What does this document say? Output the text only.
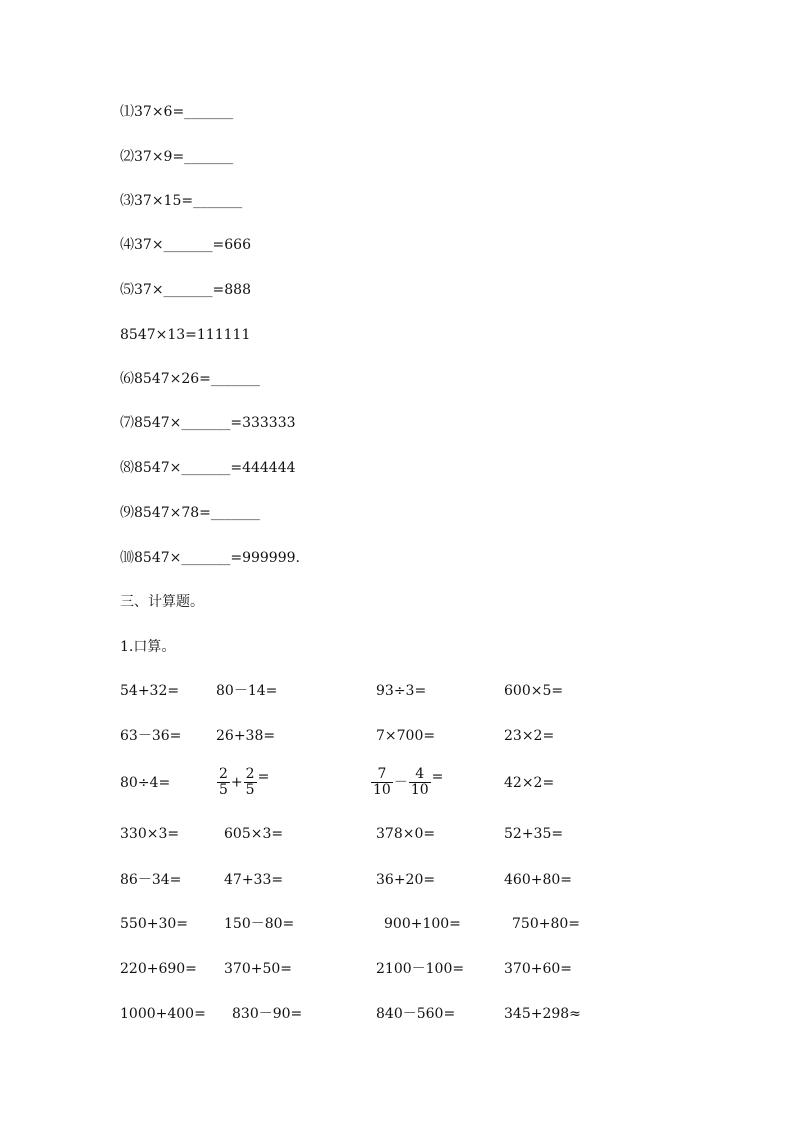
⑴37×6=_______
⑵37×9=_______
⑶37×15=_______
⑷37×_______=666
⑸37×_______=888
8547×13=111111
⑹8547×26=_______
⑺8547×_______=333333
⑻8547×_______=444444
⑼8547×78=_______
⑽8547×_______=999999.
三、计算题。
1.口算。
54+32=	80－14=	93÷3=	600×5=
63－36= 26+38=	7×700=	23×2=
80÷4=	$\frac{2}{5} + \frac{2}{5}$ =	$\frac{7}{10} - \frac{4}{10}$ =	42×2=
330×3=	605×3=	378×0=	52+35=
86－34=	47+33=	36+20=	460+80=
550+30=	150－80=	900+100=	750+80=
220+690= 370+50=	2100－100=	370+60=
1000+400= 830－90=	840－560=	345+298≈
